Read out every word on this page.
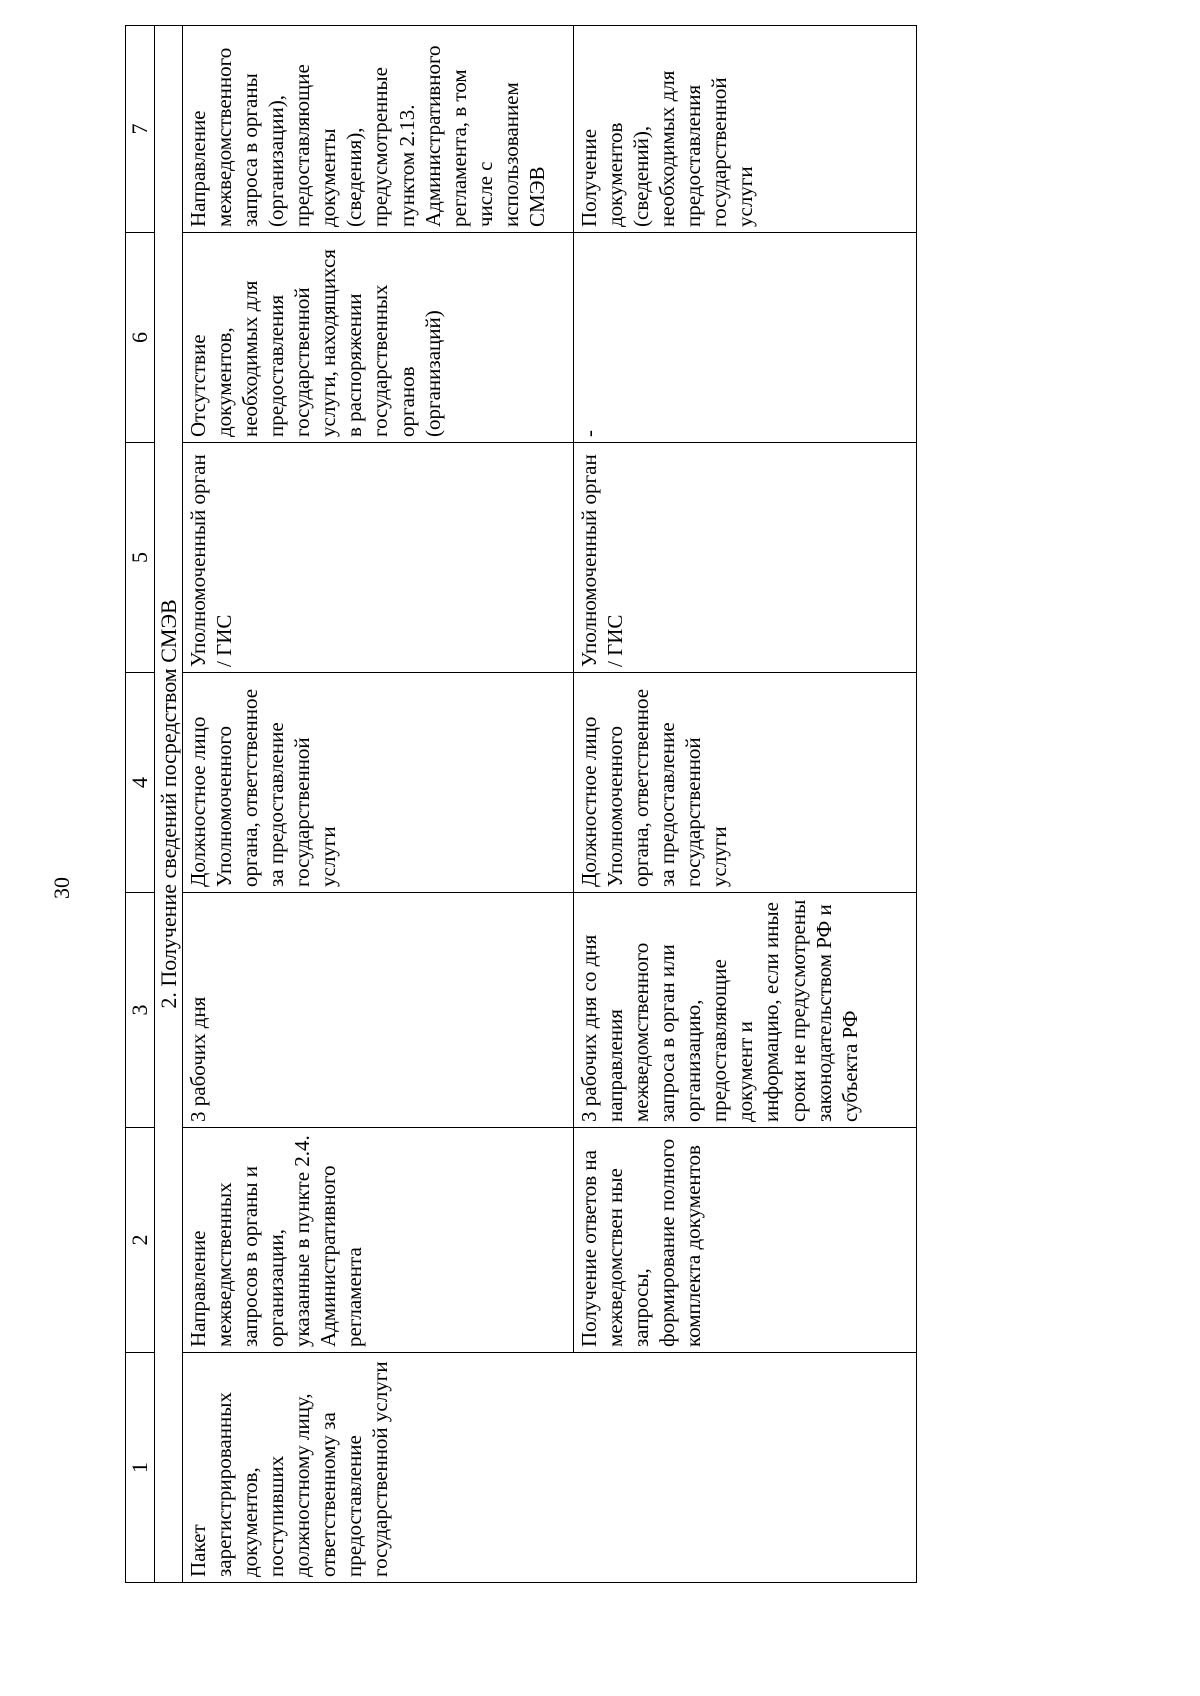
30
1	2	3	4	5	6	7
2. Получение сведений посредством СМЭВ						
Пакет зарегистрированных документов, поступивших должностному лицу, ответственному за предоставление государственной услуги	Направление межведмственных запросов в органы и организации, указанные в пункте 2.4. Административного регламента	3 рабочих дня	Должностное лицо Уполномоченного органа, ответственное за предоставление государственной услуги	Уполномоченный орган / ГИС	Отсутствие документов, необходимых для предоставления государственной услуги, находящихся в распоряжении государственных органов (организаций)	Направление межведомственного запроса в органы (организации), предоставляющие документы (сведения), предусмотренные пунктом 2.13. Административного регламента, в том числе с использованием СМЭВ
	Получение ответов на межведомствен ные запросы, формирование полного комплекта документов	3 рабочих дня со дня направления межведомственного запроса в орган или организацию, предоставляющие документ и информацию, если иные сроки не предусмотрены законодательством РФ и субъекта РФ	Должностное лицо Уполномоченного органа, ответственное за предоставление государственной услуги	Уполномоченный орган / ГИС	-	Получение документов (сведений), необходимых для предоставления государственной услуги
